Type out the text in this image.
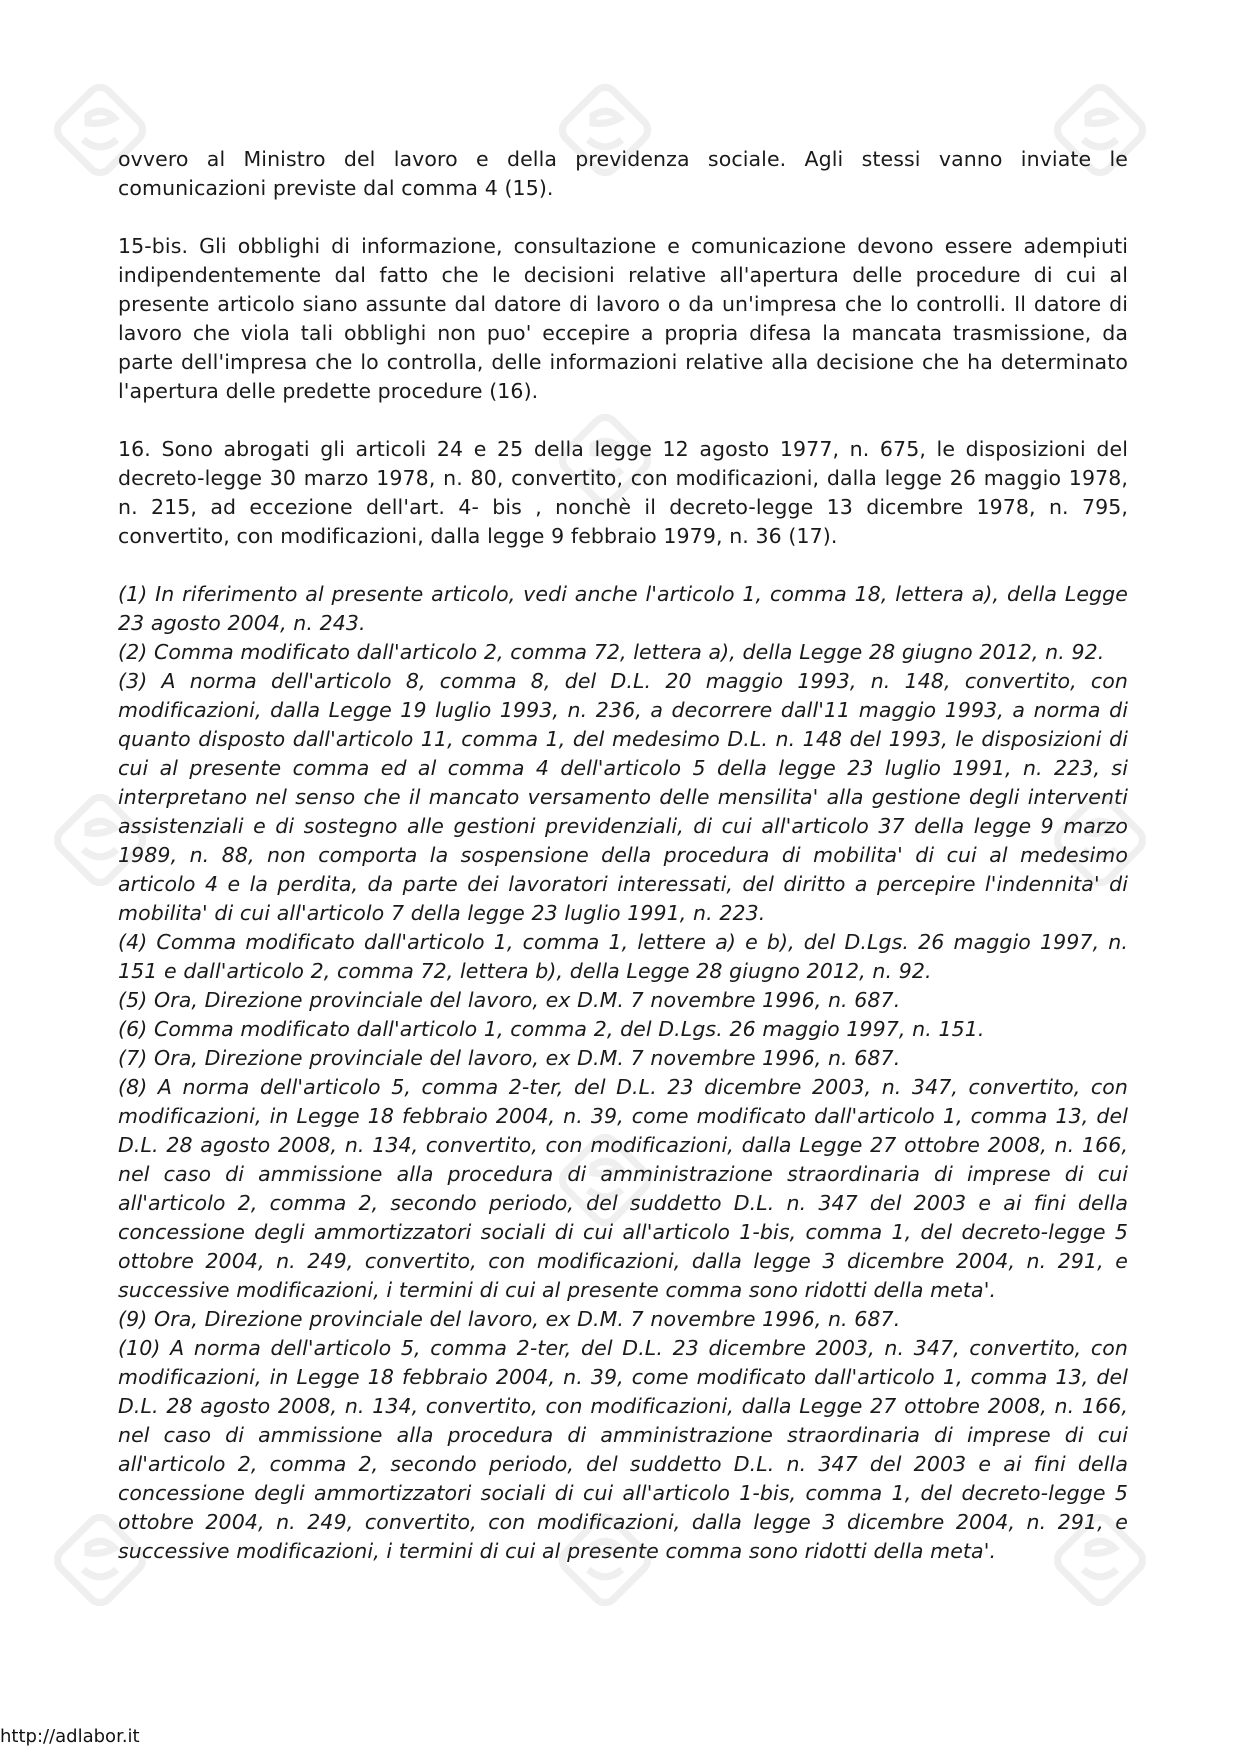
ovvero al Ministro del lavoro e della previdenza sociale. Agli stessi vanno inviate le comunicazioni previste dal comma 4 (15).

15-bis. Gli obblighi di informazione, consultazione e comunicazione devono essere adempiuti indipendentemente dal fatto che le decisioni relative all'apertura delle procedure di cui al presente articolo siano assunte dal datore di lavoro o da un'impresa che lo controlli. Il datore di lavoro che viola tali obblighi non puo' eccepire a propria difesa la mancata trasmissione, da parte dell'impresa che lo controlla, delle informazioni relative alla decisione che ha determinato l'apertura delle predette procedure (16).

16. Sono abrogati gli articoli 24 e 25 della legge 12 agosto 1977, n. 675, le disposizioni del decreto-legge 30 marzo 1978, n. 80, convertito, con modificazioni, dalla legge 26 maggio 1978, n. 215, ad eccezione dell'art. 4- bis , nonchè il decreto-legge 13 dicembre 1978, n. 795, convertito, con modificazioni, dalla legge 9 febbraio 1979, n. 36 (17).

(1) In riferimento al presente articolo, vedi anche l'articolo 1, comma 18, lettera a), della Legge 23 agosto 2004, n. 243.

(2) Comma modificato dall'articolo 2, comma 72, lettera a), della Legge 28 giugno 2012, n. 92.

(3) A norma dell'articolo 8, comma 8, del D.L. 20 maggio 1993, n. 148, convertito, con modificazioni, dalla Legge 19 luglio 1993, n. 236, a decorrere dall'11 maggio 1993, a norma di quanto disposto dall'articolo 11, comma 1, del medesimo D.L. n. 148 del 1993, le disposizioni di cui al presente comma ed al comma 4 dell'articolo 5 della legge 23 luglio 1991, n. 223, si interpretano nel senso che il mancato versamento delle mensilita' alla gestione degli interventi assistenziali e di sostegno alle gestioni previdenziali, di cui all'articolo 37 della legge 9 marzo 1989, n. 88, non comporta la sospensione della procedura di mobilita' di cui al medesimo articolo 4 e la perdita, da parte dei lavoratori interessati, del diritto a percepire l'indennita' di mobilita' di cui all'articolo 7 della legge 23 luglio 1991, n. 223.

(4) Comma modificato dall'articolo 1, comma 1, lettere a) e b), del D.Lgs. 26 maggio 1997, n. 151 e dall'articolo 2, comma 72, lettera b), della Legge 28 giugno 2012, n. 92.

(5) Ora, Direzione provinciale del lavoro, ex D.M. 7 novembre 1996, n. 687.

(6) Comma modificato dall'articolo 1, comma 2, del D.Lgs. 26 maggio 1997, n. 151.

(7) Ora, Direzione provinciale del lavoro, ex D.M. 7 novembre 1996, n. 687.

(8) A norma dell'articolo 5, comma 2-ter, del D.L. 23 dicembre 2003, n. 347, convertito, con modificazioni, in Legge 18 febbraio 2004, n. 39, come modificato dall'articolo 1, comma 13, del D.L. 28 agosto 2008, n. 134, convertito, con modificazioni, dalla Legge 27 ottobre 2008, n. 166, nel caso di ammissione alla procedura di amministrazione straordinaria di imprese di cui all'articolo 2, comma 2, secondo periodo, del suddetto D.L. n. 347 del 2003 e ai fini della concessione degli ammortizzatori sociali di cui all'articolo 1-bis, comma 1, del decreto-legge 5 ottobre 2004, n. 249, convertito, con modificazioni, dalla legge 3 dicembre 2004, n. 291, e successive modificazioni, i termini di cui al presente comma sono ridotti della meta'.

(9) Ora, Direzione provinciale del lavoro, ex D.M. 7 novembre 1996, n. 687.

(10) A norma dell'articolo 5, comma 2-ter, del D.L. 23 dicembre 2003, n. 347, convertito, con modificazioni, in Legge 18 febbraio 2004, n. 39, come modificato dall'articolo 1, comma 13, del D.L. 28 agosto 2008, n. 134, convertito, con modificazioni, dalla Legge 27 ottobre 2008, n. 166, nel caso di ammissione alla procedura di amministrazione straordinaria di imprese di cui all'articolo 2, comma 2, secondo periodo, del suddetto D.L. n. 347 del 2003 e ai fini della concessione degli ammortizzatori sociali di cui all'articolo 1-bis, comma 1, del decreto-legge 5 ottobre 2004, n. 249, convertito, con modificazioni, dalla legge 3 dicembre 2004, n. 291, e successive modificazioni, i termini di cui al presente comma sono ridotti della meta'.

http://adlabor.it
